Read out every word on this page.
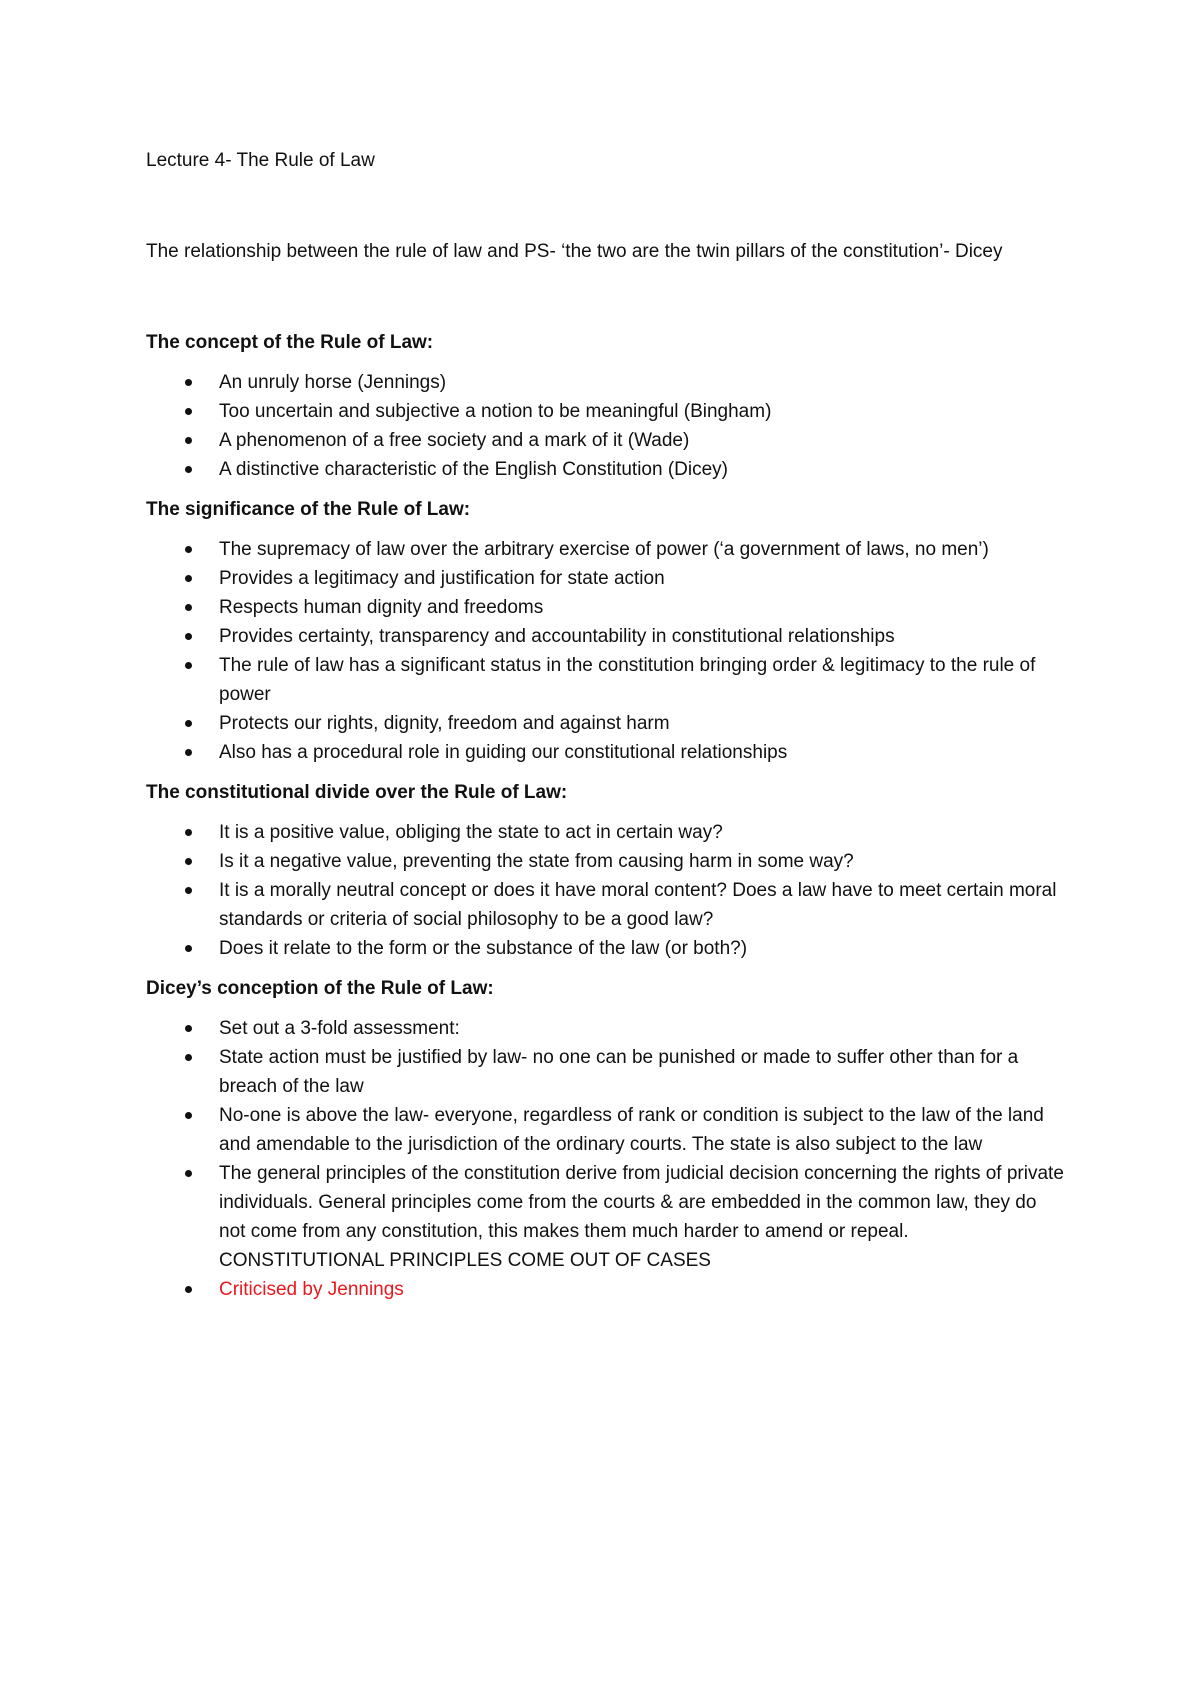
Lecture 4- The Rule of Law

The relationship between the rule of law and PS- ‘the two are the twin pillars of the constitution’- Dicey

The concept of the Rule of Law:

An unruly horse (Jennings)
Too uncertain and subjective a notion to be meaningful (Bingham)
A phenomenon of a free society and a mark of it (Wade)
A distinctive characteristic of the English Constitution (Dicey)

The significance of the Rule of Law:

The supremacy of law over the arbitrary exercise of power (‘a government of laws, no men’)
Provides a legitimacy and justification for state action
Respects human dignity and freedoms
Provides certainty, transparency and accountability in constitutional relationships
The rule of law has a significant status in the constitution bringing order & legitimacy to the rule of power
Protects our rights, dignity, freedom and against harm
Also has a procedural role in guiding our constitutional relationships

The constitutional divide over the Rule of Law:

It is a positive value, obliging the state to act in certain way?
Is it a negative value, preventing the state from causing harm in some way?
It is a morally neutral concept or does it have moral content? Does a law have to meet certain moral standards or criteria of social philosophy to be a good law?
Does it relate to the form or the substance of the law (or both?)

Dicey’s conception of the Rule of Law:

Set out a 3-fold assessment:
State action must be justified by law- no one can be punished or made to suffer other than for a breach of the law
No-one is above the law- everyone, regardless of rank or condition is subject to the law of the land and amendable to the jurisdiction of the ordinary courts. The state is also subject to the law
The general principles of the constitution derive from judicial decision concerning the rights of private individuals. General principles come from the courts & are embedded in the common law, they do not come from any constitution, this makes them much harder to amend or repeal. CONSTITUTIONAL PRINCIPLES COME OUT OF CASES
Criticised by Jennings
